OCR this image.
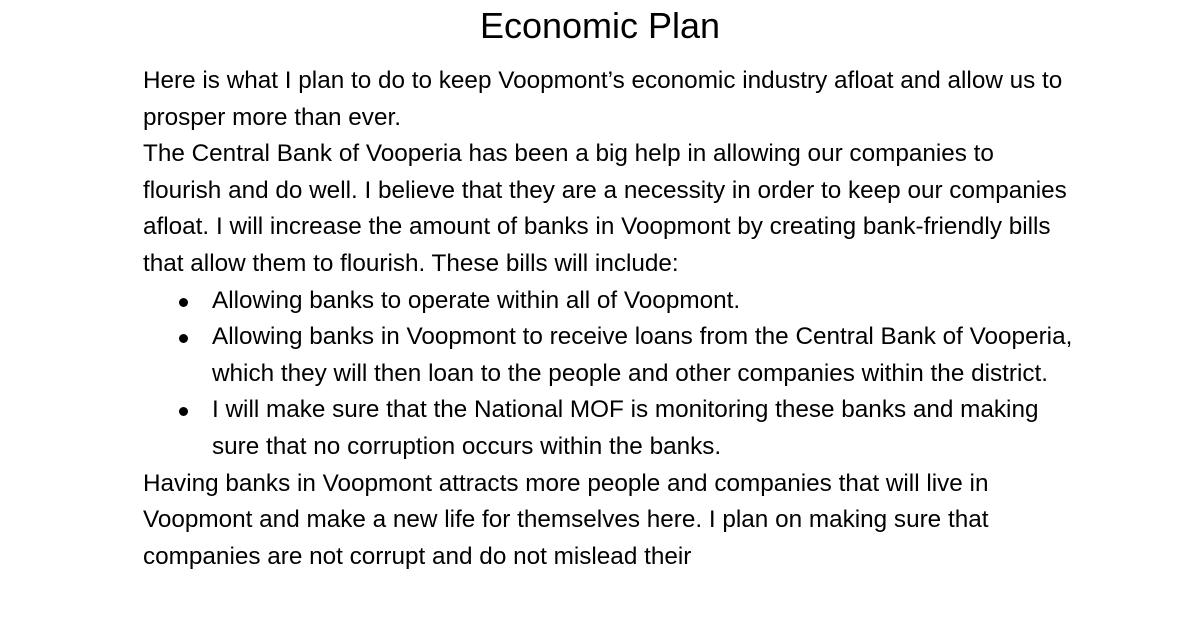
Economic Plan

Here is what I plan to do to keep Voopmont’s economic industry afloat and allow us to prosper more than ever.

The Central Bank of Vooperia has been a big help in allowing our companies to flourish and do well. I believe that they are a necessity in order to keep our companies afloat. I will increase the amount of banks in Voopmont by creating bank-friendly bills that allow them to flourish. These bills will include:

Allowing banks to operate within all of Voopmont.
Allowing banks in Voopmont to receive loans from the Central Bank of Vooperia, which they will then loan to the people and other companies within the district.
I will make sure that the National MOF is monitoring these banks and making sure that no corruption occurs within the banks.

Having banks in Voopmont attracts more people and companies that will live in Voopmont and make a new life for themselves here. I plan on making sure that companies are not corrupt and do not mislead their
